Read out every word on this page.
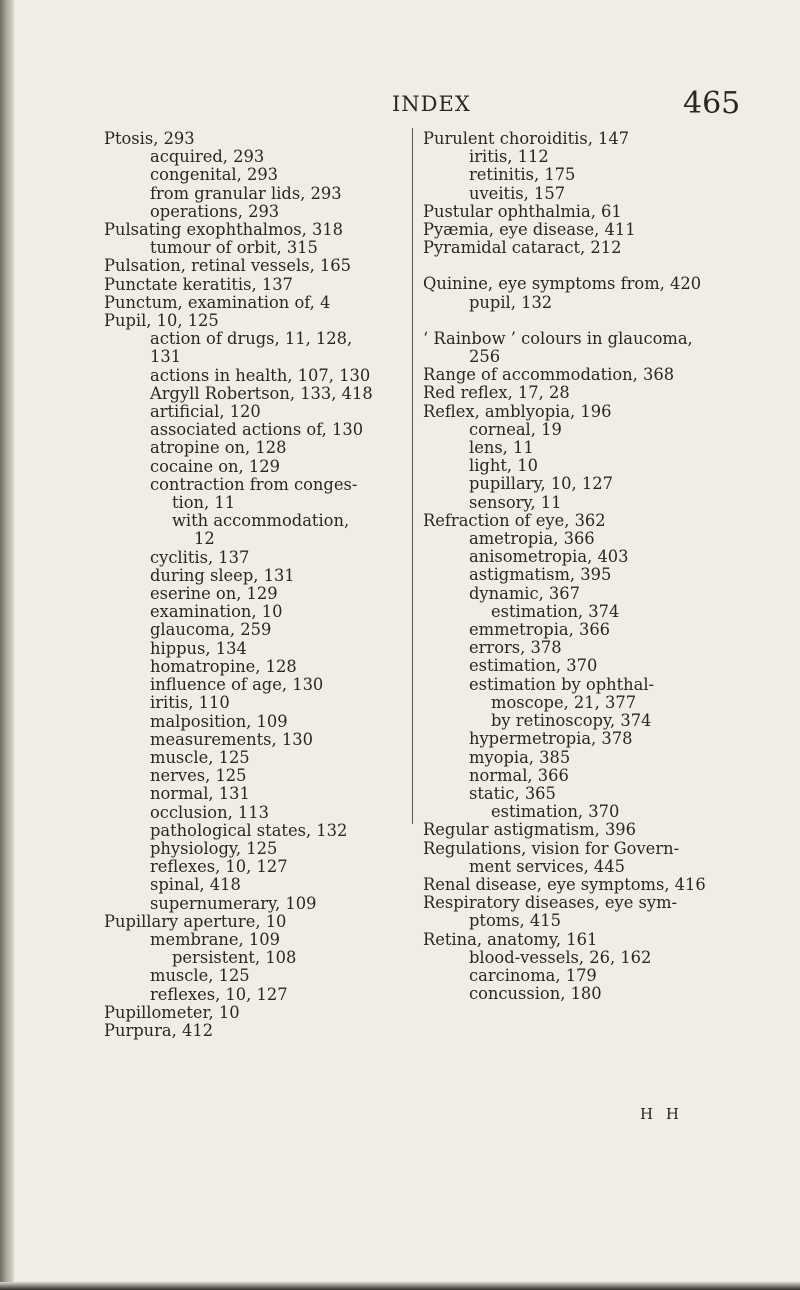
INDEX	465

Ptosis, 293

acquired, 293

congenital, 293

from granular lids, 293

operations, 293

Pulsating exophthalmos, 318

tumour of orbit, 315

Pulsation, retinal vessels, 165

Punctate keratitis, 137

Punctum, examination of, 4

Pupil, 10, 125

action of drugs, 11, 128,

131

actions in health, 107, 130

Argyll Robertson, 133, 418

artificial, 120

associated actions of, 130

atropine on, 128

cocaine on, 129

contraction from conges-

tion, 11

with accommodation,

12

cyclitis, 137

during sleep, 131

eserine on, 129

examination, 10

glaucoma, 259

hippus, 134

homatropine, 128

influence of age, 130

iritis, 110

malposition, 109

measurements, 130

muscle, 125

nerves, 125

normal, 131

occlusion, 113

pathological states, 132

physiology, 125

reflexes, 10, 127

spinal, 418

supernumerary, 109

Pupillary aperture, 10

membrane, 109

persistent, 108

muscle, 125

reflexes, 10, 127

Pupillometer, 10

Purpura, 412

Purulent choroiditis, 147

iritis, 112

retinitis, 175

uveitis, 157

Pustular ophthalmia, 61

Pyæmia, eye disease, 411

Pyramidal cataract, 212

Quinine, eye symptoms from, 420

pupil, 132

‘ Rainbow ’ colours in glaucoma,

256

Range of accommodation, 368

Red reflex, 17, 28

Reflex, amblyopia, 196

corneal, 19

lens, 11

light, 10

pupillary, 10, 127

sensory, 11

Refraction of eye, 362

ametropia, 366

anisometropia, 403

astigmatism, 395

dynamic, 367

estimation, 374

emmetropia, 366

errors, 378

estimation, 370

estimation by ophthal-

moscope, 21, 377

by retinoscopy, 374

hypermetropia, 378

myopia, 385

normal, 366

static, 365

estimation, 370

Regular astigmatism, 396

Regulations, vision for Govern-

ment services, 445

Renal disease, eye symptoms, 416

Respiratory diseases, eye sym-

ptoms, 415

Retina, anatomy, 161

blood-vessels, 26, 162

carcinoma, 179

concussion, 180

H H
